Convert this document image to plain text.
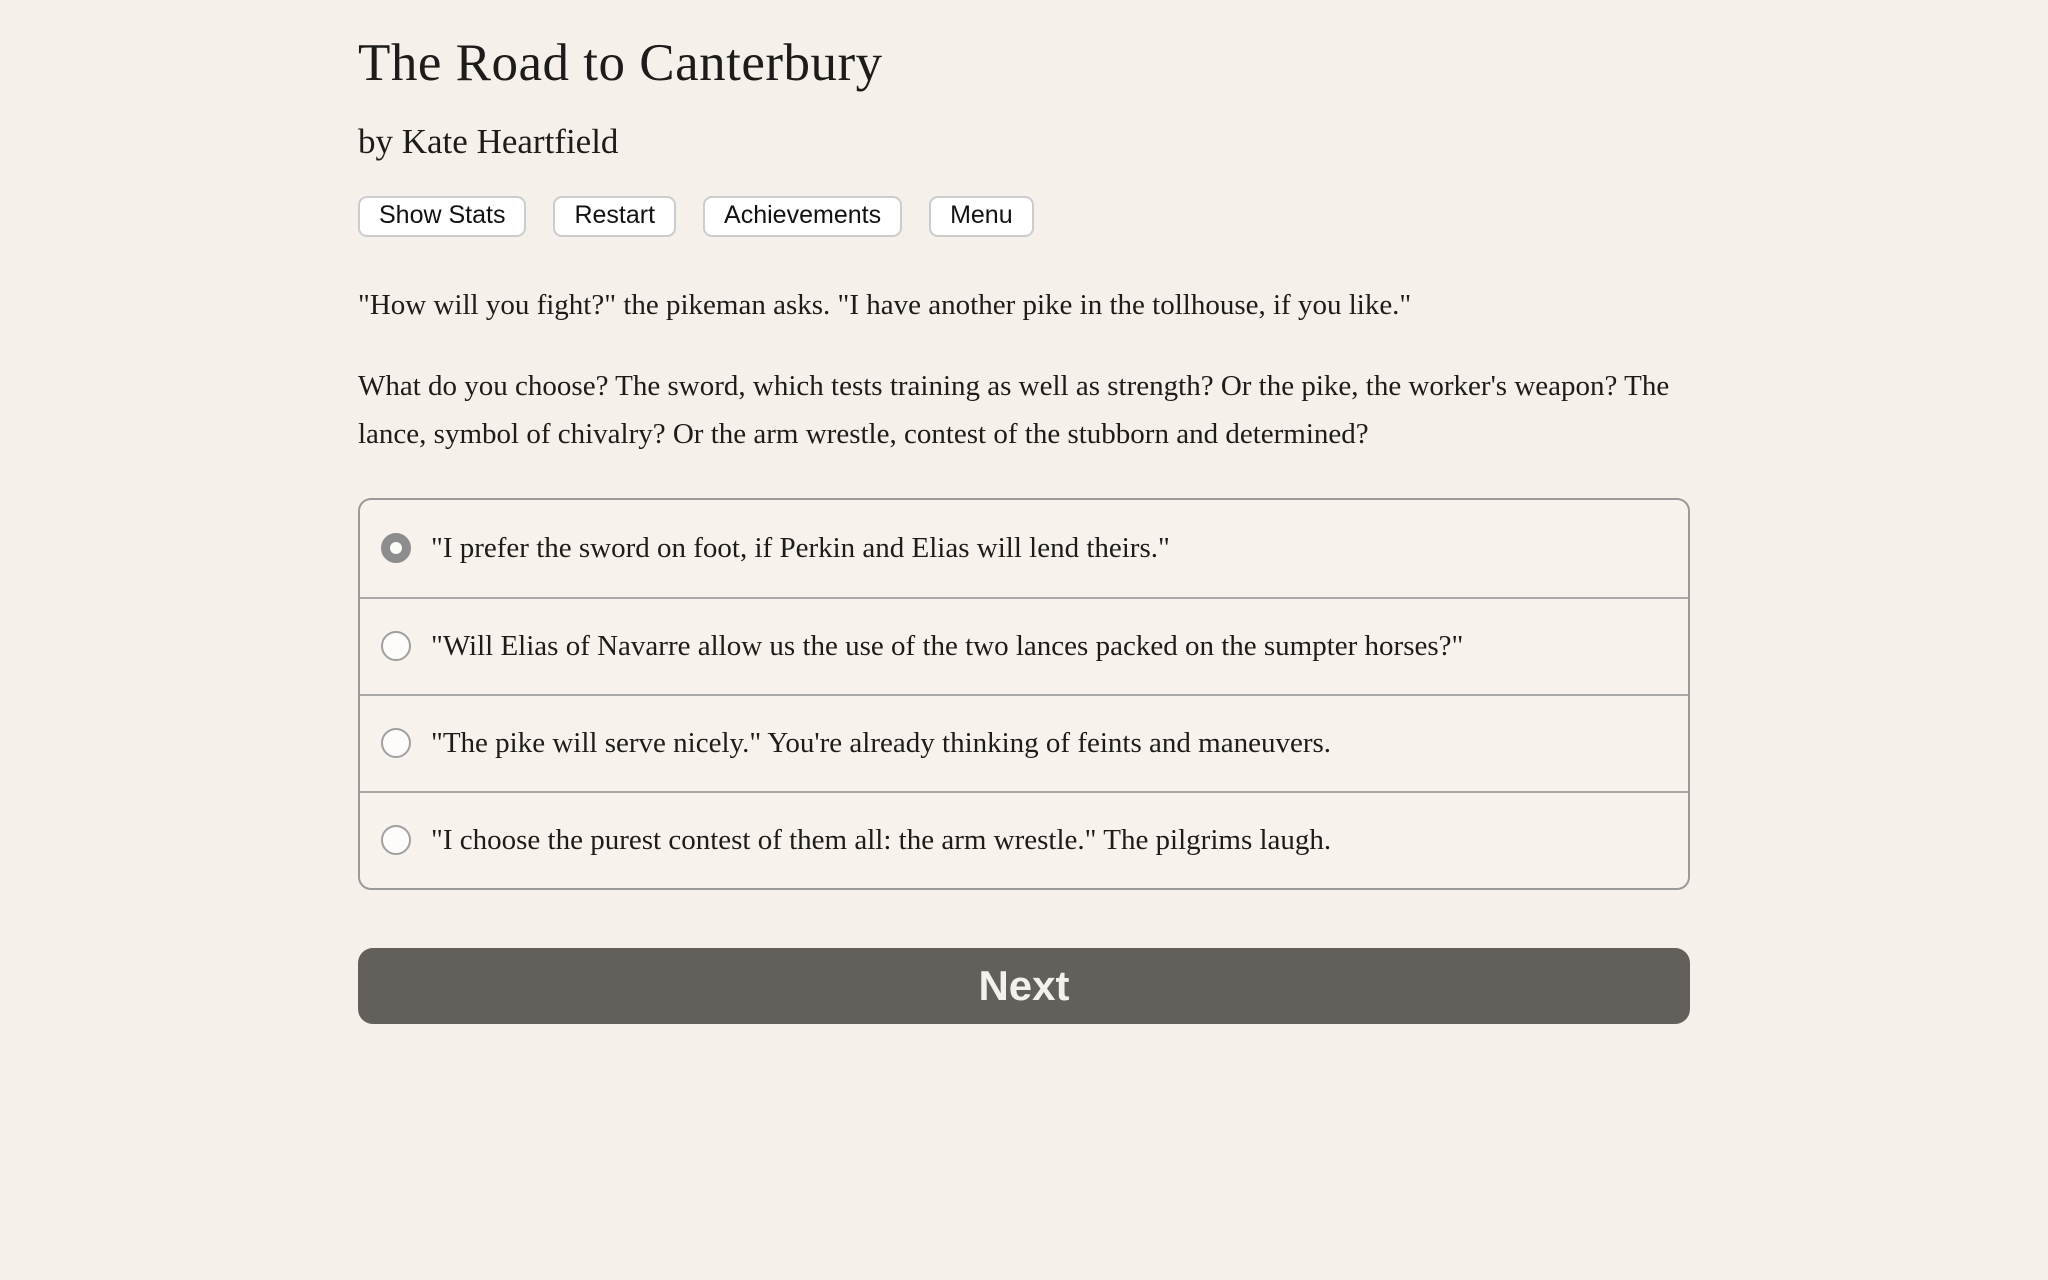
The Road to Canterbury
by Kate Heartfield
Show Stats	Restart	Achievements	Menu

"How will you fight?" the pikeman asks. "I have another pike in the tollhouse, if you like."

What do you choose? The sword, which tests training as well as strength? Or the pike, the worker's weapon? The lance, symbol of chivalry? Or the arm wrestle, contest of the stubborn and determined?

"I prefer the sword on foot, if Perkin and Elias will lend theirs."
"Will Elias of Navarre allow us the use of the two lances packed on the sumpter horses?"
"The pike will serve nicely." You're already thinking of feints and maneuvers.
"I choose the purest contest of them all: the arm wrestle." The pilgrims laugh.
Next
